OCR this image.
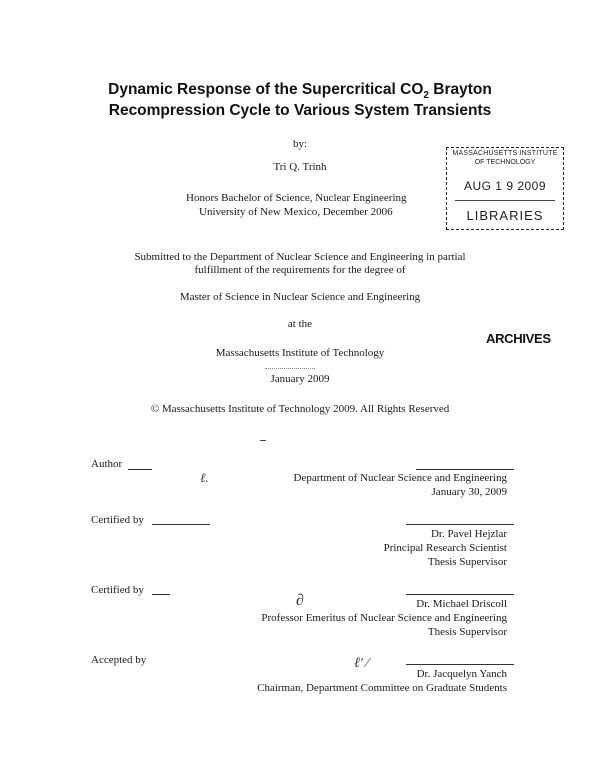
Dynamic Response of the Supercritical $CO_2$ Brayton
Recompression Cycle to Various System Transients
by:
Tri Q. Trinh
Honors Bachelor of Science, Nuclear Engineering
University of New Mexico, December 2006
MASSACHUSETTS INSTITUTE
OF TECHNOLOGY
AUG 1 9 2009
LIBRARIES
Submitted to the Department of Nuclear Science and Engineering in partial
fulfillment of the requirements for the degree of
Master of Science in Nuclear Science and Engineering
at the
ARCHIVES
Massachusetts Institute of Technology
January 2009
© Massachusetts Institute of Technology 2009. All Rights Reserved
Author
ℓ.	Department of Nuclear Science and Engineering
January 30, 2009
Certified by
Dr. Pavel Hejzlar
Principal Research Scientist
Thesis Supervisor
Certified by
Dr. Michael Driscoll
∂
Professor Emeritus of Nuclear Science and Engineering
Thesis Supervisor
Accepted by	ℓ′ ∕
Dr. Jacquelyn Yanch
Chairman, Department Committee on Graduate Students
